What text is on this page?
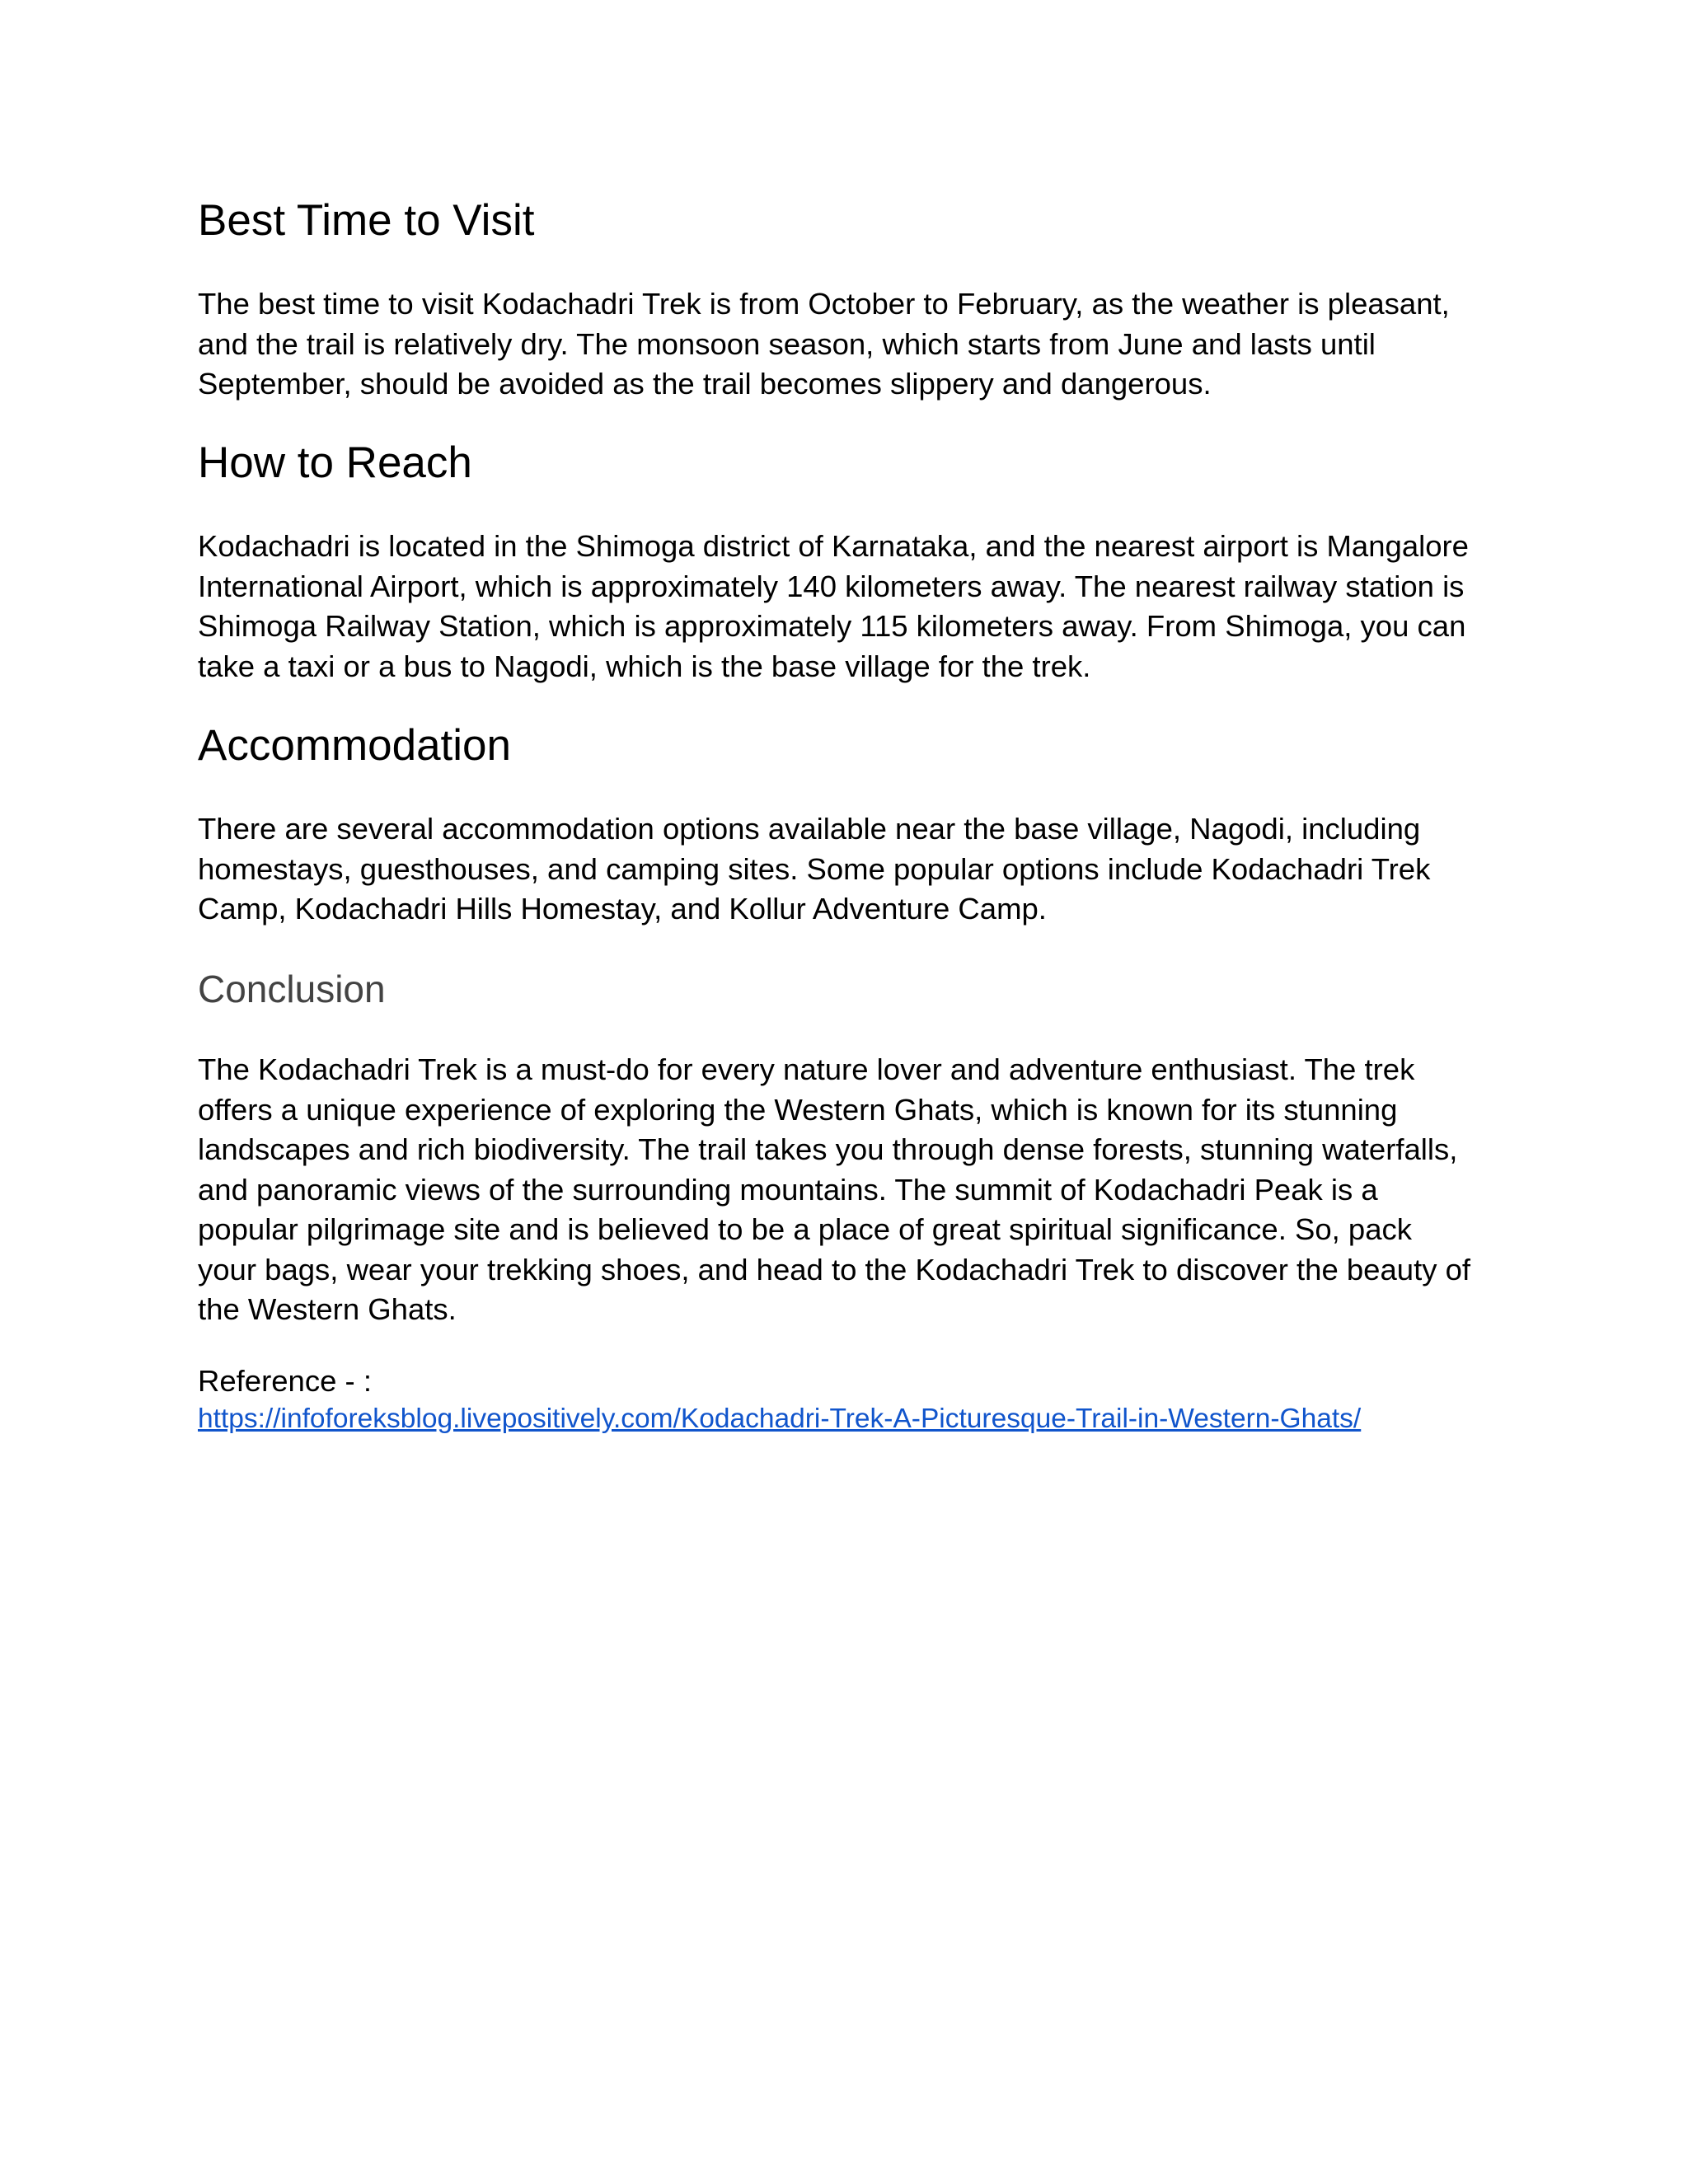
Best Time to Visit

The best time to visit Kodachadri Trek is from October to February, as the weather is pleasant,
and the trail is relatively dry. The monsoon season, which starts from June and lasts until
September, should be avoided as the trail becomes slippery and dangerous.

How to Reach

Kodachadri is located in the Shimoga district of Karnataka, and the nearest airport is Mangalore
International Airport, which is approximately 140 kilometers away. The nearest railway station is
Shimoga Railway Station, which is approximately 115 kilometers away. From Shimoga, you can
take a taxi or a bus to Nagodi, which is the base village for the trek.

Accommodation

There are several accommodation options available near the base village, Nagodi, including
homestays, guesthouses, and camping sites. Some popular options include Kodachadri Trek
Camp, Kodachadri Hills Homestay, and Kollur Adventure Camp.

Conclusion

The Kodachadri Trek is a must-do for every nature lover and adventure enthusiast. The trek
offers a unique experience of exploring the Western Ghats, which is known for its stunning
landscapes and rich biodiversity. The trail takes you through dense forests, stunning waterfalls,
and panoramic views of the surrounding mountains. The summit of Kodachadri Peak is a
popular pilgrimage site and is believed to be a place of great spiritual significance. So, pack
your bags, wear your trekking shoes, and head to the Kodachadri Trek to discover the beauty of
the Western Ghats.

Reference - :
https://infoforeksblog.livepositively.com/Kodachadri-Trek-A-Picturesque-Trail-in-Western-Ghats/
